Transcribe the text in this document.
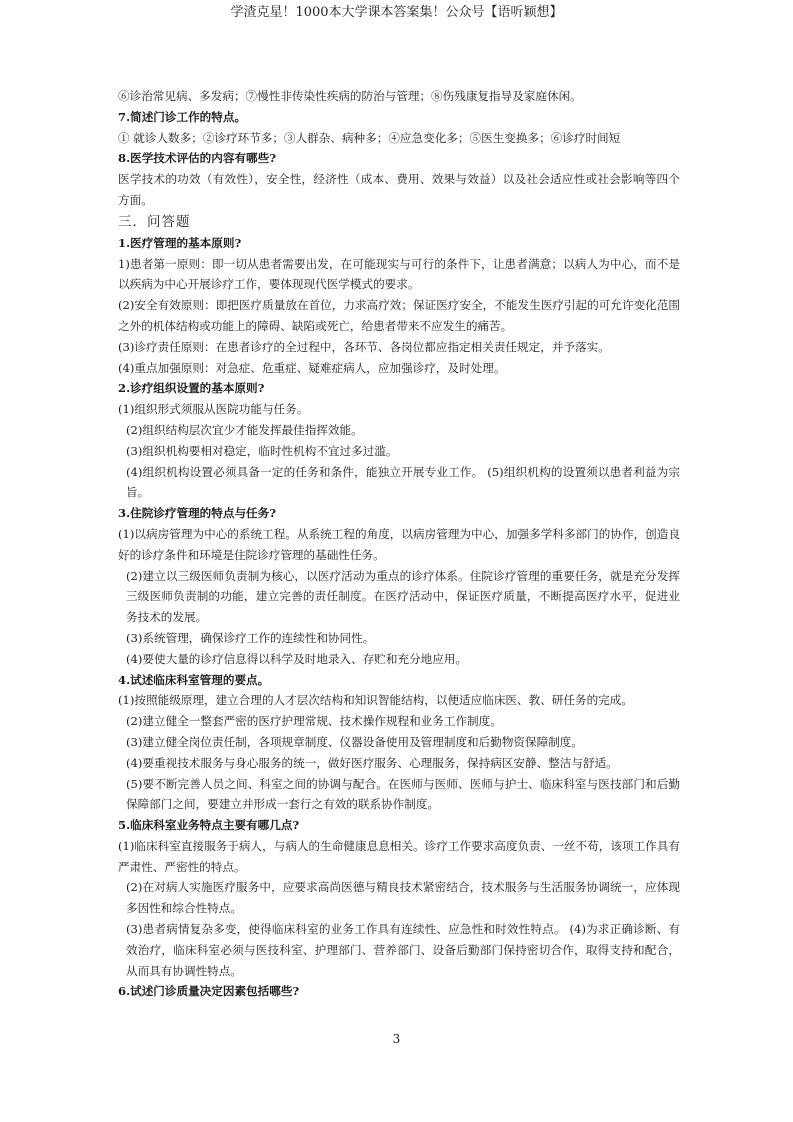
学渣克星！1000本大学课本答案集！公众号【语听颖想】

⑥诊治常见病、多发病；⑦慢性非传染性疾病的防治与管理；⑧伤残康复指导及家庭休闲。

7.简述门诊工作的特点。

① 就诊人数多；②诊疗环节多；③人群杂、病种多；④应急变化多；⑤医生变换多；⑥诊疗时间短

8.医学技术评估的内容有哪些?

医学技术的功效（有效性），安全性，经济性（成本、费用、效果与效益）以及社会适应性或社会影响等四个方面。

三．问答题

1.医疗管理的基本原则?

1)患者第一原则：即一切从患者需要出发，在可能现实与可行的条件下，让患者满意；以病人为中心，而不是以疾病为中心开展诊疗工作，要体现现代医学模式的要求。

(2)安全有效原则：即把医疗质量放在首位，力求高疗效；保证医疗安全，不能发生医疗引起的可允许变化范围之外的机体结构或功能上的障碍、缺陷或死亡，给患者带来不应发生的痛苦。

(3)诊疗责任原则：在患者诊疗的全过程中，各环节、各岗位都应指定相关责任规定，并予落实。

(4)重点加强原则：对急症、危重症、疑难症病人，应加强诊疗，及时处理。

2.诊疗组织设置的基本原则?

(1)组织形式须服从医院功能与任务。

(2)组织结构层次宜少才能发挥最佳指挥效能。

(3)组织机构要相对稳定，临时性机构不宜过多过滥。

(4)组织机构设置必须具备一定的任务和条件，能独立开展专业工作。 (5)组织机构的设置须以患者利益为宗旨。

3.住院诊疗管理的特点与任务?

(1)以病房管理为中心的系统工程。从系统工程的角度，以病房管理为中心，加强多学科多部门的协作，创造良好的诊疗条件和环境是住院诊疗管理的基础性任务。

(2)建立以三级医师负责制为核心，以医疗活动为重点的诊疗体系。住院诊疗管理的重要任务，就是充分发挥三级医师负责制的功能，建立完善的责任制度。在医疗活动中，保证医疗质量，不断提高医疗水平，促进业务技术的发展。

(3)系统管理，确保诊疗工作的连续性和协同性。

(4)要使大量的诊疗信息得以科学及时地录入、存贮和充分地应用。

4.试述临床科室管理的要点。

(1)按照能级原理，建立合理的人才层次结构和知识智能结构，以便适应临床医、教、研任务的完成。

(2)建立健全一整套严密的医疗护理常规、技术操作规程和业务工作制度。

(3)建立健全岗位责任制，各项规章制度、仪器设备使用及管理制度和后勤物资保障制度。

(4)要重视技术服务与身心服务的统一，做好医疗服务、心理服务，保持病区安静、整洁与舒适。

(5)要不断完善人员之间、科室之间的协调与配合。在医师与医师、医师与护士、临床科室与医技部门和后勤保障部门之间，要建立并形成一套行之有效的联系协作制度。

5.临床科室业务特点主要有哪几点?

(1)临床科室直接服务于病人，与病人的生命健康息息相关。诊疗工作要求高度负责、一丝不苟，该项工作具有严肃性、严密性的特点。

(2)在对病人实施医疗服务中，应要求高尚医德与精良技术紧密结合，技术服务与生活服务协调统一，应体现多因性和综合性特点。

(3)患者病情复杂多变，使得临床科室的业务工作具有连续性、应急性和时效性特点。 (4)为求正确诊断、有效治疗，临床科室必须与医技科室、护理部门、营养部门、设备后勤部门保持密切合作，取得支持和配合，从而具有协调性特点。

6.试述门诊质量决定因素包括哪些?

3
